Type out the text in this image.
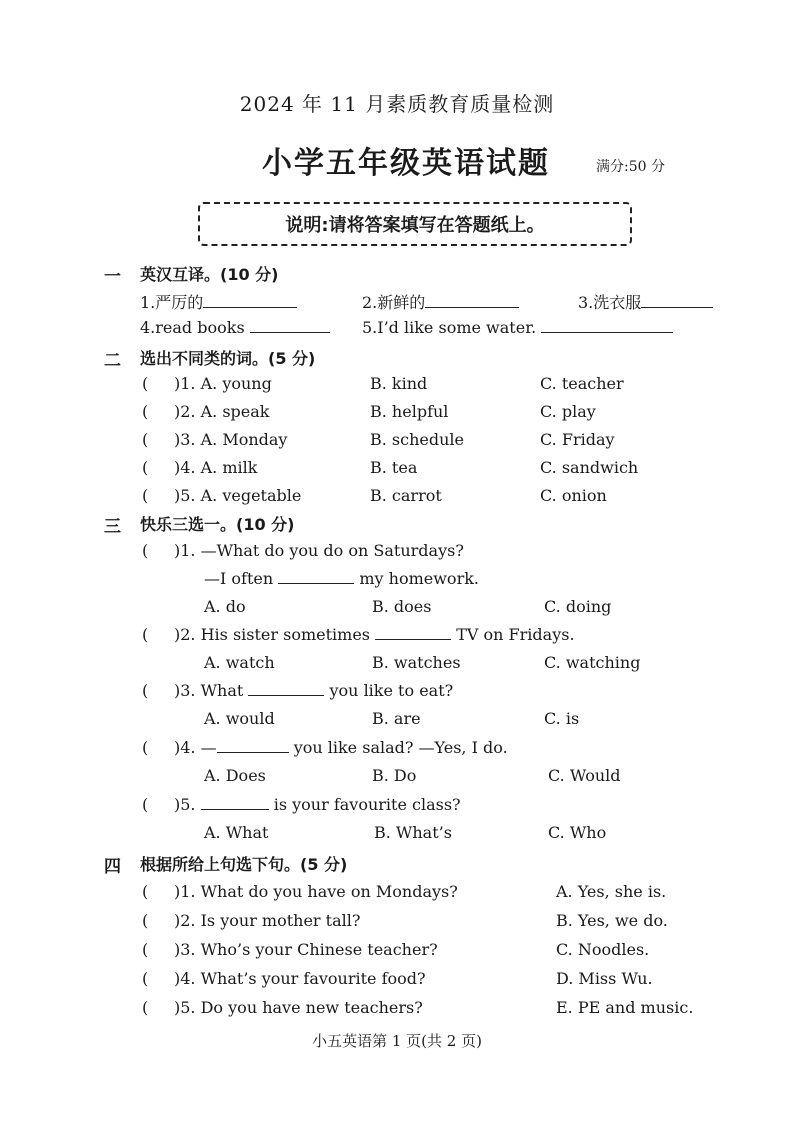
2024 年 11 月素质教育质量检测
小学五年级英语试题	满分:50 分
说明:请将答案填写在答题纸上。
一 英汉互译。(10 分)
1.严厉的	2.新鲜的	3.洗衣服
4.read books	5.I’d like some water.
二 选出不同类的词。(5 分)
( )1. A. young	B. kind	C. teacher
( )2. A. speak	B. helpful	C. play
( )3. A. Monday	B. schedule	C. Friday
( )4. A. milk	B. tea	C. sandwich
( )5. A. vegetable	B. carrot	C. onion
三 快乐三选一。(10 分)
( )1. —What do you do on Saturdays?
—I often	my homework.
A. do	B. does	C. doing
( )2. His sister sometimes	TV on Fridays.
A. watch	B. watches	C. watching
( )3. What	you like to eat?
A. would	B. are	C. is
( )4. —	you like salad? —Yes, I do.
A. Does	B. Do	C. Would
( )5.	is your favourite class?
A. What	B. What’s	C. Who
四 根据所给上句选下句。(5 分)
( )1. What do you have on Mondays?	A. Yes, she is.
( )2. Is your mother tall?	B. Yes, we do.
( )3. Who’s your Chinese teacher?	C. Noodles.
( )4. What’s your favourite food?	D. Miss Wu.
( )5. Do you have new teachers?	E. PE and music.
小五英语第 1 页(共 2 页)
